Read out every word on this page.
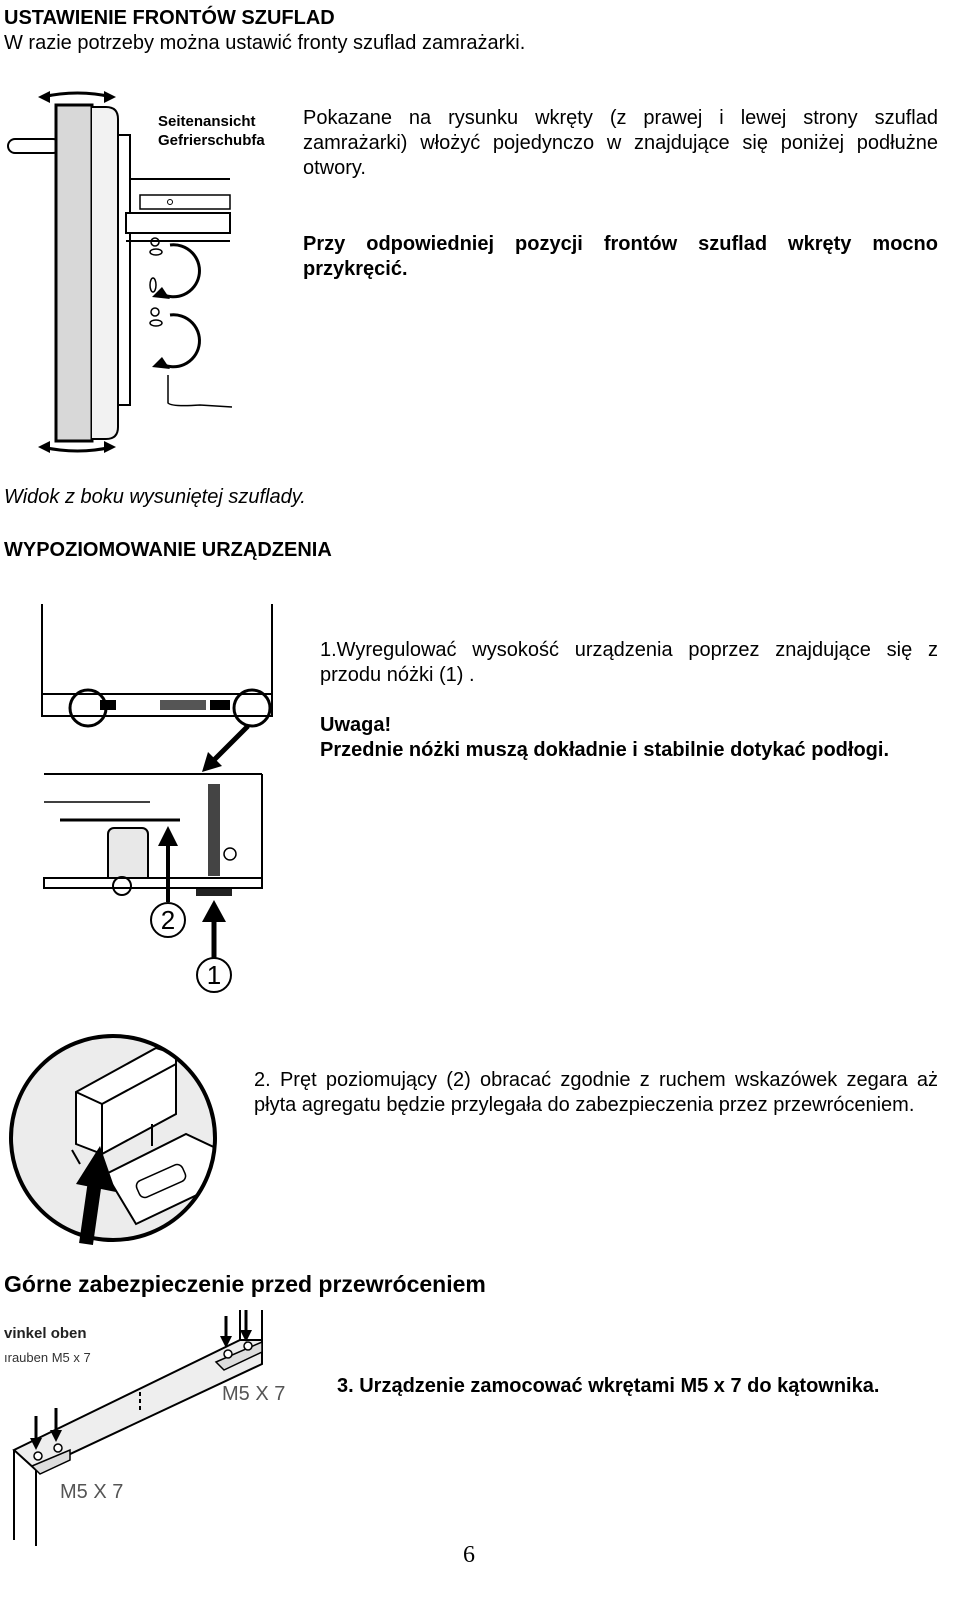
USTAWIENIE FRONTÓW SZUFLAD
W razie potrzeby można ustawić fronty szuflad zamrażarki.
Seitenansicht
Gefrierschubfa
Pokazane na rysunku wkręty (z prawej i lewej strony szuflad zamrażarki) włożyć pojedynczo w znajdujące się poniżej podłużne otwory.
Przy odpowiedniej pozycji frontów szuflad wkręty mocno przykręcić.
Widok z boku wysuniętej szuflady.
WYPOZIOMOWANIE URZĄDZENIA
2
1
1.Wyregulować wysokość urządzenia poprzez znajdujące się z przodu nóżki (1) .
Uwaga!
Przednie nóżki muszą dokładnie i stabilnie dotykać podłogi.
2. Pręt poziomujący (2) obracać zgodnie z ruchem wskazówek zegara aż płyta agregatu będzie przylegała do zabezpieczenia przez przewróceniem.
Górne zabezpieczenie przed przewróceniem
vinkel oben
ırauben M5 x 7
M5 X 7
M5 X 7
3. Urządzenie zamocować wkrętami M5 x 7 do kątownika.
6
